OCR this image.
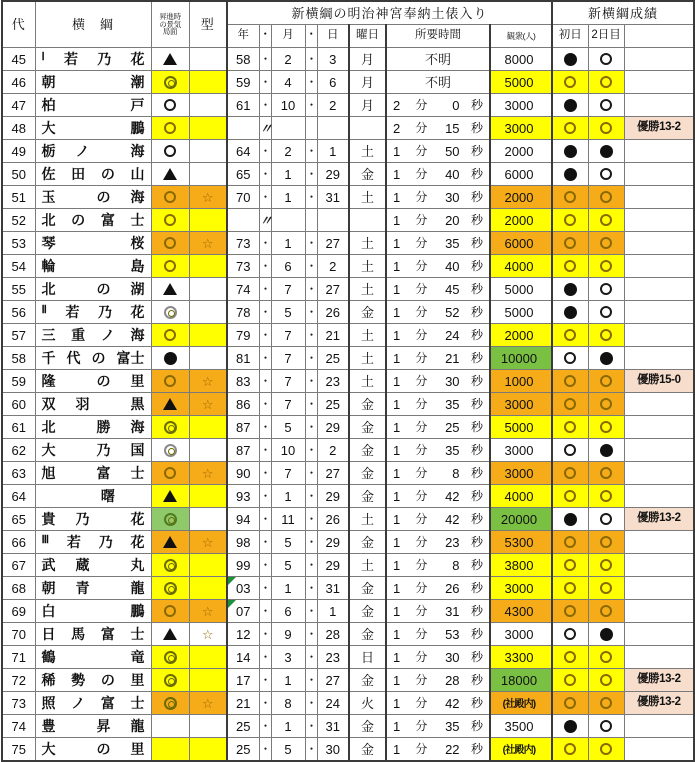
代	横　綱	昇進時
の景気
局面	型	新横綱の明治神宮奉納土俵入り								新横綱成績		
				年	・	月	・	日	曜日	所要時間	観衆(人)	初日	2日目	
45	Ⅰ 若 乃 花			58	・	2	・	3	月	不明	8000	

46	朝 潮			59	・	4	・	6	月	不明	5000	

47	柏 戸			61	・	10	・	2	月	2 分 0 秒	3000	

48	大 鵬				〃					2 分 15 秒	3000			優勝13-2
49	栃 ノ 海			64	・	2	・	1	土	1 分 50 秒	2000	

50	佐 田 の 山			65	・	1	・	29	金	1 分 40 秒	6000	

51	玉 の 海		☆	70	・	1	・	31	土	1 分 30 秒	2000	

52	北 の 富 士				〃					1 分 20 秒	2000	

53	琴 桜		☆	73	・	1	・	27	土	1 分 35 秒	6000	

54	輪 島			73	・	6	・	2	土	1 分 40 秒	4000	

55	北 の 湖			74	・	7	・	27	土	1 分 45 秒	5000	

56	Ⅱ 若 乃 花			78	・	5	・	26	金	1 分 52 秒	5000	

57	三 重 ノ 海			79	・	7	・	21	土	1 分 24 秒	2000	

58	千 代 の 富士			81	・	7	・	25	土	1 分 21 秒	10000	

59	隆 の 里		☆	83	・	7	・	23	土	1 分 30 秒	1000			優勝15-0
60	双 羽 黒		☆	86	・	7	・	25	金	1 分 35 秒	3000	

61	北 勝 海			87	・	5	・	29	金	1 分 25 秒	5000	

62	大 乃 国			87	・	10	・	2	金	1 分 35 秒	3000	

63	旭 富 士		☆	90	・	7	・	27	金	1 分 8 秒	3000	

64	曙			93	・	1	・	29	金	1 分 42 秒	4000	

65	貴 乃 花			94	・	11	・	26	土	1 分 42 秒	20000			優勝13-2
66	Ⅲ 若 乃 花		☆	98	・	5	・	29	金	1 分 23 秒	5300	

67	武 蔵 丸			99	・	5	・	29	土	1 分 8 秒	3800	

68	朝 青 龍			03	・	1	・	31	金	1 分 26 秒	3000	

69	白 鵬		☆	07	・	6	・	1	金	1 分 31 秒	4300	

70	日 馬 富 士		☆	12	・	9	・	28	金	1 分 53 秒	3000	

71	鶴 竜			14	・	3	・	23	日	1 分 30 秒	3300	

72	稀 勢 の 里			17	・	1	・	27	金	1 分 28 秒	18000			優勝13-2
73	照 ノ 富 士		☆	21	・	8	・	24	火	1 分 42 秒	(社殿内)			優勝13-2
74	豊 昇 龍			25	・	1	・	31	金	1 分 35 秒	3500	

75	大 の 里			25	・	5	・	30	金	1 分 22 秒	(社殿内)	
